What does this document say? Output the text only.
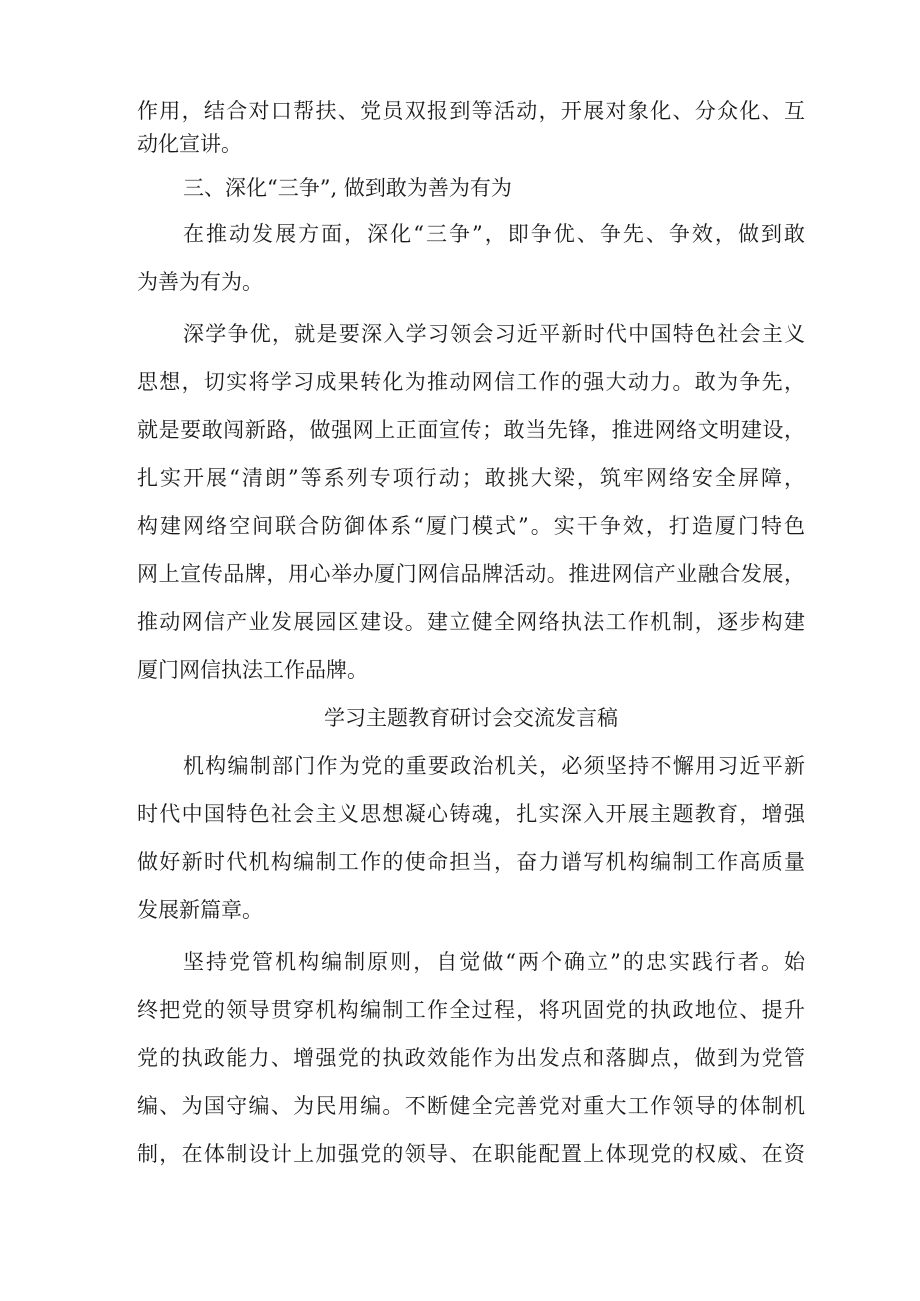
作用，结合对口帮扶、党员双报到等活动，开展对象化、分众化、互
动化宣讲。
三、深化“三争”, 做到敢为善为有为
在推动发展方面，深化“三争”，即争优、争先、争效，做到敢
为善为有为。
深学争优，就是要深入学习领会习近平新时代中国特色社会主义
思想，切实将学习成果转化为推动网信工作的强大动力。敢为争先，
就是要敢闯新路，做强网上正面宣传；敢当先锋，推进网络文明建设，
扎实开展“清朗”等系列专项行动；敢挑大梁，筑牢网络安全屏障，
构建网络空间联合防御体系“厦门模式”。实干争效，打造厦门特色
网上宣传品牌，用心举办厦门网信品牌活动。推进网信产业融合发展，
推动网信产业发展园区建设。建立健全网络执法工作机制，逐步构建
厦门网信执法工作品牌。
学习主题教育研讨会交流发言稿
机构编制部门作为党的重要政治机关，必须坚持不懈用习近平新
时代中国特色社会主义思想凝心铸魂，扎实深入开展主题教育，增强
做好新时代机构编制工作的使命担当，奋力谱写机构编制工作高质量
发展新篇章。
坚持党管机构编制原则，自觉做“两个确立”的忠实践行者。始
终把党的领导贯穿机构编制工作全过程，将巩固党的执政地位、提升
党的执政能力、增强党的执政效能作为出发点和落脚点，做到为党管
编、为国守编、为民用编。不断健全完善党对重大工作领导的体制机
制，在体制设计上加强党的领导、在职能配置上体现党的权威、在资
